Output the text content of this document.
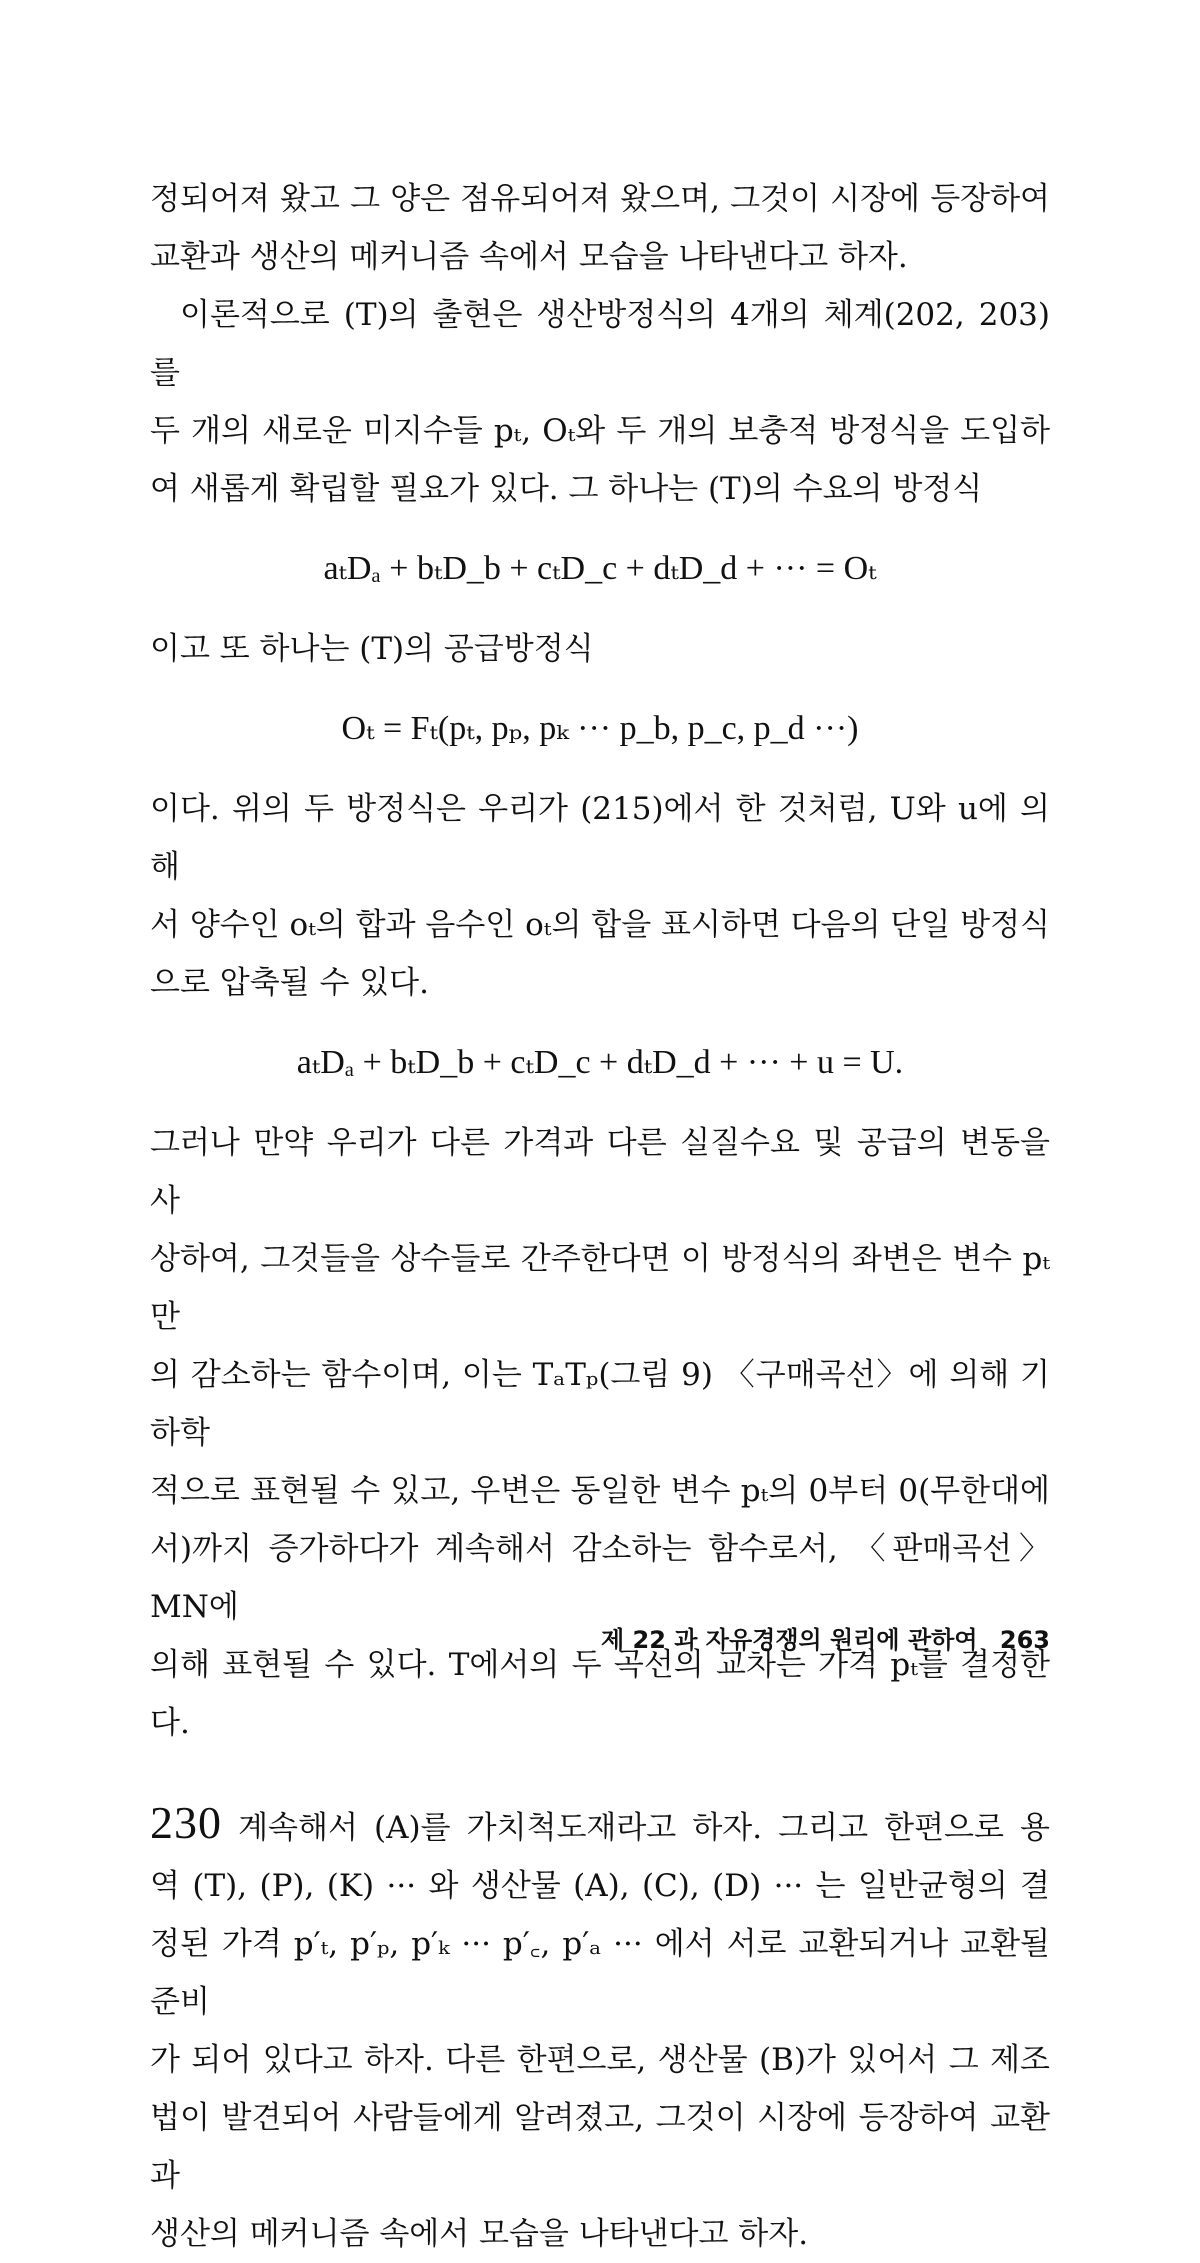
정되어져 왔고 그 양은 점유되어져 왔으며, 그것이 시장에 등장하여

교환과 생산의 메커니즘 속에서 모습을 나타낸다고 하자.

이론적으로 (T)의 출현은 생산방정식의 4개의 체계(202, 203)를

두 개의 새로운 미지수들 pₜ, Oₜ와 두 개의 보충적 방정식을 도입하

여 새롭게 확립할 필요가 있다. 그 하나는 (T)의 수요의 방정식

aₜDₐ + bₜD_b + cₜD_c + dₜD_d + ··· = Oₜ

이고 또 하나는 (T)의 공급방정식

Oₜ = Fₜ(pₜ, pₚ, pₖ ··· p_b, p_c, p_d ···)

이다. 위의 두 방정식은 우리가 (215)에서 한 것처럼, U와 u에 의해

서 양수인 oₜ의 합과 음수인 oₜ의 합을 표시하면 다음의 단일 방정식

으로 압축될 수 있다.

aₜDₐ + bₜD_b + cₜD_c + dₜD_d + ··· + u = U.

그러나 만약 우리가 다른 가격과 다른 실질수요 및 공급의 변동을 사

상하여, 그것들을 상수들로 간주한다면 이 방정식의 좌변은 변수 pₜ만

의 감소하는 함수이며, 이는 TₐTₚ(그림 9) 〈구매곡선〉에 의해 기하학

적으로 표현될 수 있고, 우변은 동일한 변수 pₜ의 0부터 0(무한대에

서)까지 증가하다가 계속해서 감소하는 함수로서, 〈판매곡선〉 MN에

의해 표현될 수 있다. T에서의 두 곡선의 교차는 가격 pₜ를 결정한다.

230 계속해서 (A)를 가치척도재라고 하자. 그리고 한편으로 용

역 (T), (P), (K) ··· 와 생산물 (A), (C), (D) ··· 는 일반균형의 결

정된 가격 p′ₜ, p′ₚ, p′ₖ ··· p′꜀, p′ₐ ··· 에서 서로 교환되거나 교환될 준비

가 되어 있다고 하자. 다른 한편으로, 생산물 (B)가 있어서 그 제조

법이 발견되어 사람들에게 알려졌고, 그것이 시장에 등장하여 교환과

생산의 메커니즘 속에서 모습을 나타낸다고 하자.

제 22 과 자유경쟁의 원리에 관하여 263
